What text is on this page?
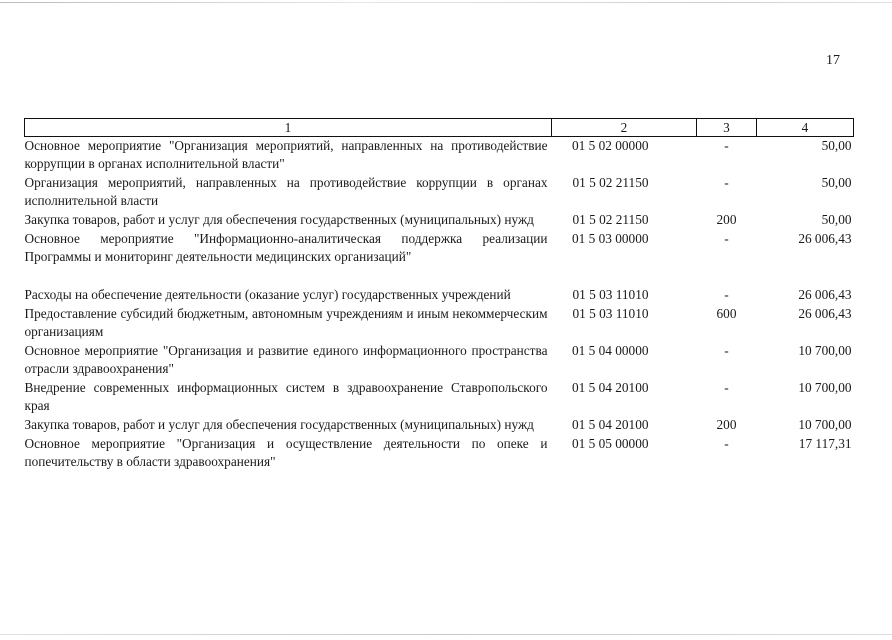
17
1	2	3	4
Основное мероприятие "Организация мероприятий, направленных на противодействие коррупции в органах исполнительной власти"	01 5 02 00000	-	50,00
Организация мероприятий, направленных на противодействие коррупции в органах исполнительной власти	01 5 02 21150	-	50,00
Закупка товаров, работ и услуг для обеспечения государственных (муниципальных) нужд	01 5 02 21150	200	50,00
Основное мероприятие "Информационно-аналитическая поддержка реализации Программы и мониторинг деятельности медицинских организаций"	01 5 03 00000	-	26 006,43
Расходы на обеспечение деятельности (оказание услуг) государственных учреждений	01 5 03 11010	-	26 006,43
Предоставление субсидий бюджетным, автономным учреждениям и иным некоммерческим организациям	01 5 03 11010	600	26 006,43
Основное мероприятие "Организация и развитие единого информационного пространства отрасли здравоохранения"	01 5 04 00000	-	10 700,00
Внедрение современных информационных систем в здравоохранение Ставропольского края	01 5 04 20100	-	10 700,00
Закупка товаров, работ и услуг для обеспечения государственных (муниципальных) нужд	01 5 04 20100	200	10 700,00
Основное мероприятие "Организация и осуществление деятельности по опеке и попечительству в области здравоохранения"	01 5 05 00000	-	17 117,31
